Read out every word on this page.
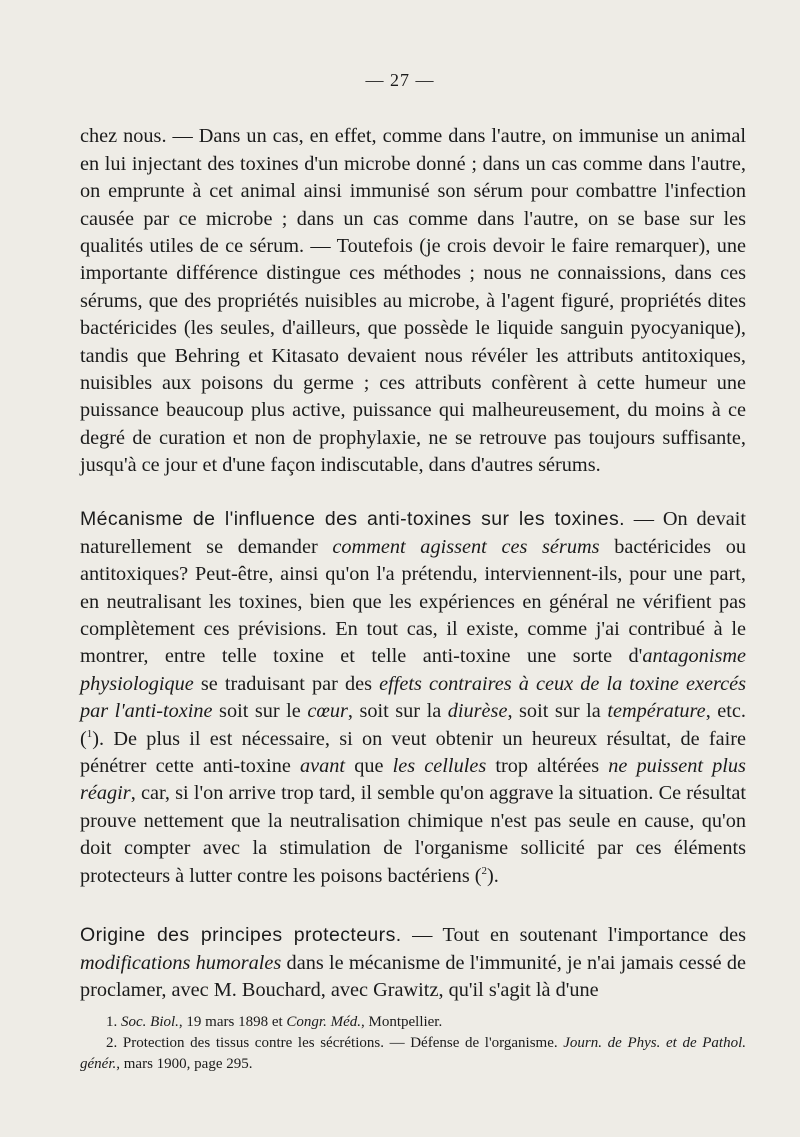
— 27 —

chez nous. — Dans un cas, en effet, comme dans l'autre, on immunise un animal en lui injectant des toxines d'un microbe donné ; dans un cas comme dans l'autre, on emprunte à cet animal ainsi immunisé son sérum pour combattre l'infection causée par ce microbe ; dans un cas comme dans l'autre, on se base sur les qualités utiles de ce sérum. — Toutefois (je crois devoir le faire remarquer), une importante différence distingue ces méthodes ; nous ne connaissions, dans ces sérums, que des propriétés nuisibles au microbe, à l'agent figuré, propriétés dites bactéricides (les seules, d'ailleurs, que possède le liquide sanguin pyocyanique), tandis que Behring et Kitasato devaient nous révéler les attributs antitoxiques, nuisibles aux poisons du germe ; ces attributs confèrent à cette humeur une puissance beaucoup plus active, puissance qui malheureusement, du moins à ce degré de curation et non de prophylaxie, ne se retrouve pas toujours suffisante, jusqu'à ce jour et d'une façon indiscutable, dans d'autres sérums.

Mécanisme de l'influence des anti-toxines sur les toxines. — On devait naturellement se demander comment agissent ces sérums bactéricides ou antitoxiques? Peut-être, ainsi qu'on l'a prétendu, interviennent-ils, pour une part, en neutralisant les toxines, bien que les expériences en général ne vérifient pas complètement ces prévisions. En tout cas, il existe, comme j'ai contribué à le montrer, entre telle toxine et telle anti-toxine une sorte d'antagonisme physiologique se traduisant par des effets contraires à ceux de la toxine exercés par l'anti-toxine soit sur le cœur, soit sur la diurèse, soit sur la température, etc. ($^1$). De plus il est nécessaire, si on veut obtenir un heureux résultat, de faire pénétrer cette anti-toxine avant que les cellules trop altérées ne puissent plus réagir, car, si l'on arrive trop tard, il semble qu'on aggrave la situation. Ce résultat prouve nettement que la neutralisation chimique n'est pas seule en cause, qu'on doit compter avec la stimulation de l'organisme sollicité par ces éléments protecteurs à lutter contre les poisons bactériens ($^2$).

Origine des principes protecteurs. — Tout en soutenant l'importance des modifications humorales dans le mécanisme de l'immunité, je n'ai jamais cessé de proclamer, avec M. Bouchard, avec Grawitz, qu'il s'agit là d'une

1. Soc. Biol., 19 mars 1898 et Congr. Méd., Montpellier.
2. Protection des tissus contre les sécrétions. — Défense de l'organisme. Journ. de Phys. et de Pathol. génér., mars 1900, page 295.
